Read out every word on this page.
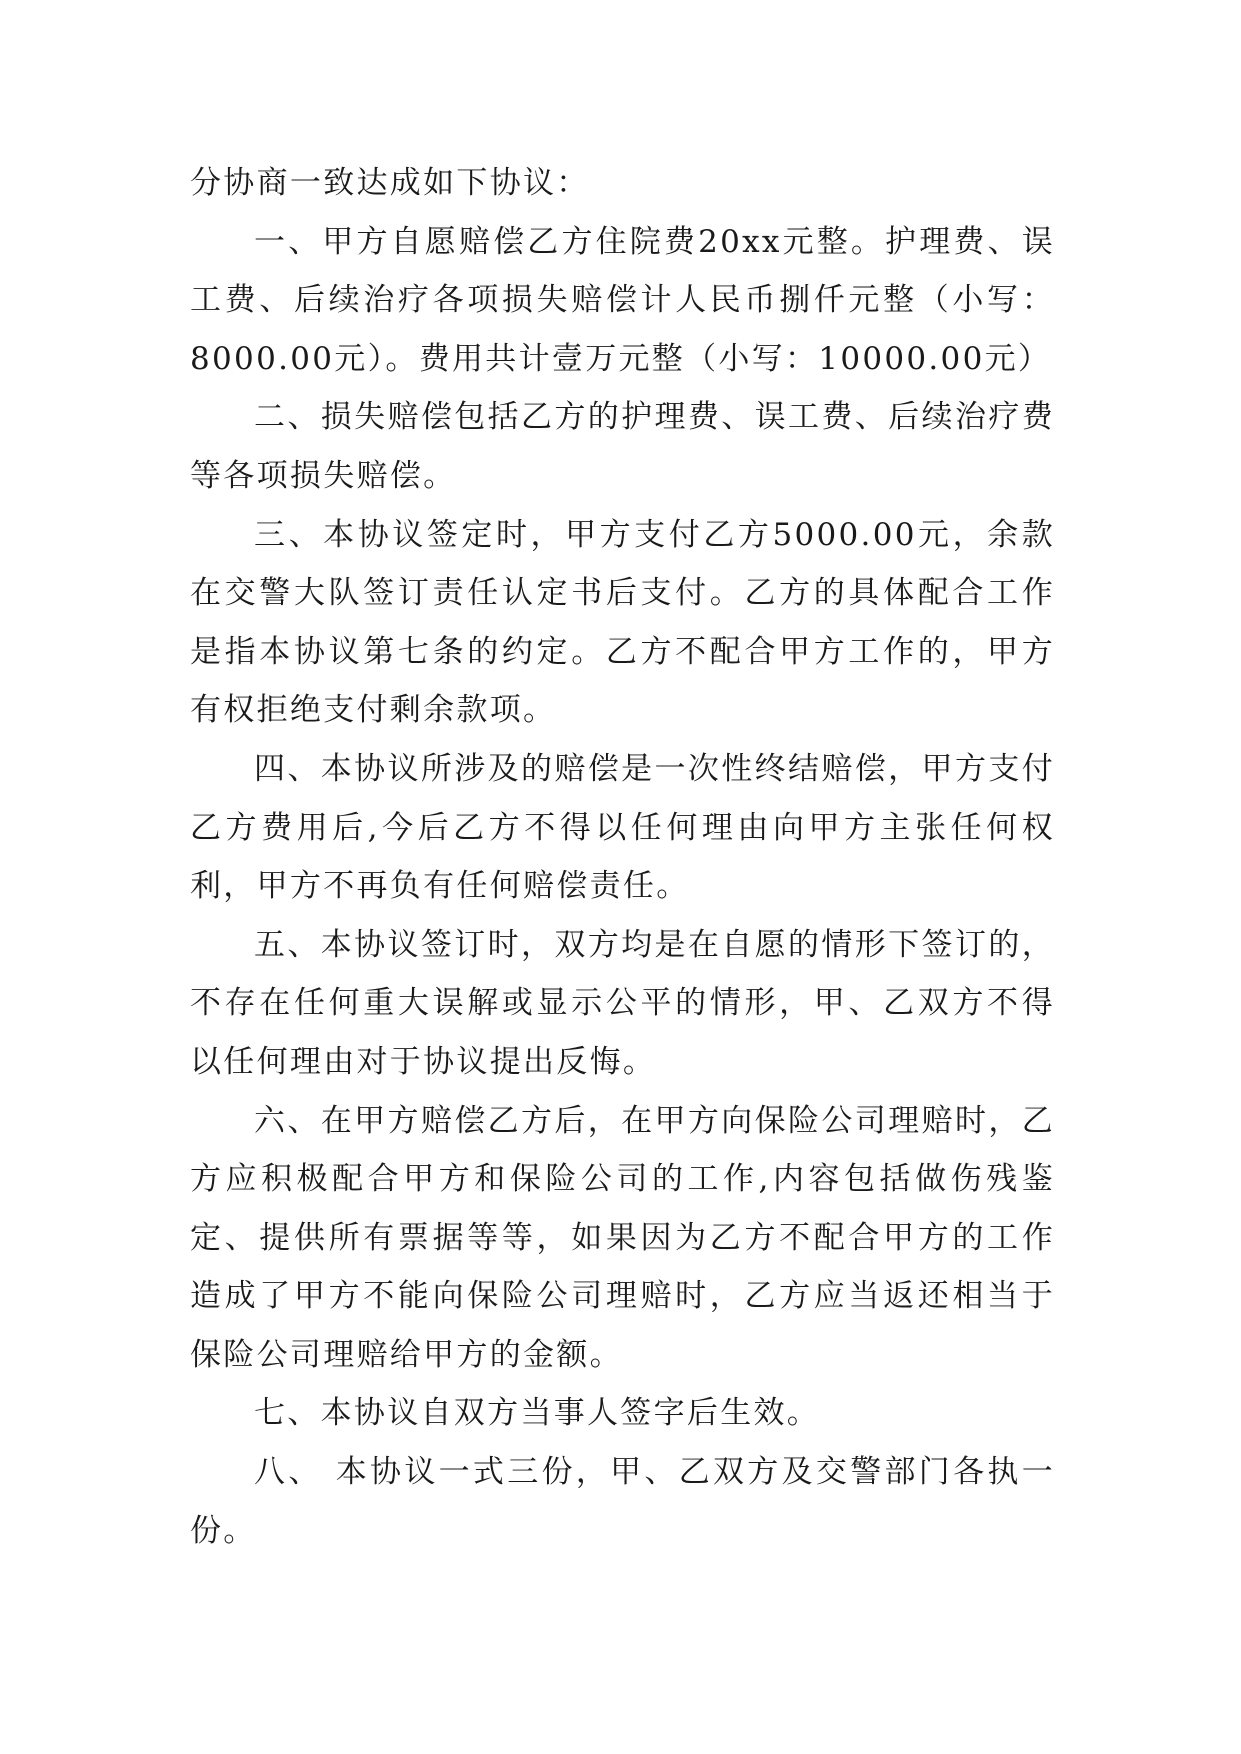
分协商一致达成如下协议：

一、甲方自愿赔偿乙方住院费20xx元整。护理费、误工费、后续治疗各项损失赔偿计人民币捌仟元整（小写：8000.00元）。费用共计壹万元整（小写：10000.00元）

二、损失赔偿包括乙方的护理费、误工费、后续治疗费等各项损失赔偿。

三、本协议签定时，甲方支付乙方5000.00元，余款在交警大队签订责任认定书后支付。乙方的具体配合工作是指本协议第七条的约定。乙方不配合甲方工作的，甲方有权拒绝支付剩余款项。

四、本协议所涉及的赔偿是一次性终结赔偿，甲方支付乙方费用后,今后乙方不得以任何理由向甲方主张任何权利，甲方不再负有任何赔偿责任。

五、本协议签订时，双方均是在自愿的情形下签订的，不存在任何重大误解或显示公平的情形，甲、乙双方不得以任何理由对于协议提出反悔。

六、在甲方赔偿乙方后，在甲方向保险公司理赔时，乙方应积极配合甲方和保险公司的工作,内容包括做伤残鉴定、提供所有票据等等，如果因为乙方不配合甲方的工作造成了甲方不能向保险公司理赔时，乙方应当返还相当于保险公司理赔给甲方的金额。

七、本协议自双方当事人签字后生效。

八、 本协议一式三份，甲、乙双方及交警部门各执一份。
